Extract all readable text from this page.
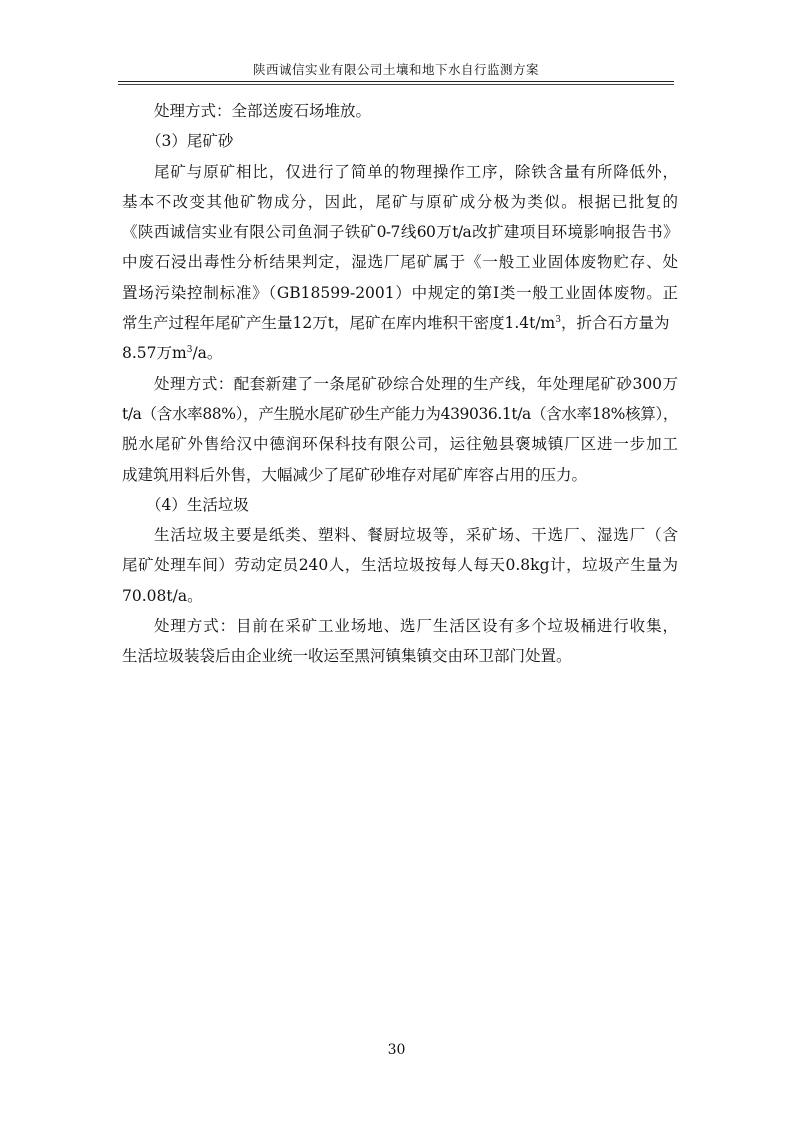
陕西诚信实业有限公司土壤和地下水自行监测方案
处理方式：全部送废石场堆放。
（3）尾矿砂
尾矿与原矿相比，仅进行了简单的物理操作工序，除铁含量有所降低外，
基本不改变其他矿物成分，因此，尾矿与原矿成分极为类似。根据已批复的
《陕西诚信实业有限公司鱼洞子铁矿0-7线60万t/a改扩建项目环境影响报告书》
中废石浸出毒性分析结果判定，湿选厂尾矿属于《一般工业固体废物贮存、处
置场污染控制标准》（GB18599-2001）中规定的第Ⅰ类一般工业固体废物。正
常生产过程年尾矿产生量12万t，尾矿在库内堆积干密度$1.4t/m^3$，折合石方量为
8.57万$m^3/a$。
处理方式：配套新建了一条尾矿砂综合处理的生产线，年处理尾矿砂300万
t/a（含水率88%），产生脱水尾矿砂生产能力为439036.1t/a（含水率18%核算），
脱水尾矿外售给汉中德润环保科技有限公司，运往勉县褒城镇厂区进一步加工
成建筑用料后外售，大幅减少了尾矿砂堆存对尾矿库容占用的压力。
（4）生活垃圾
生活垃圾主要是纸类、塑料、餐厨垃圾等，采矿场、干选厂、湿选厂（含
尾矿处理车间）劳动定员240人，生活垃圾按每人每天0.8kg计，垃圾产生量为
70.08t/a。
处理方式：目前在采矿工业场地、选厂生活区设有多个垃圾桶进行收集，
生活垃圾装袋后由企业统一收运至黑河镇集镇交由环卫部门处置。
30
